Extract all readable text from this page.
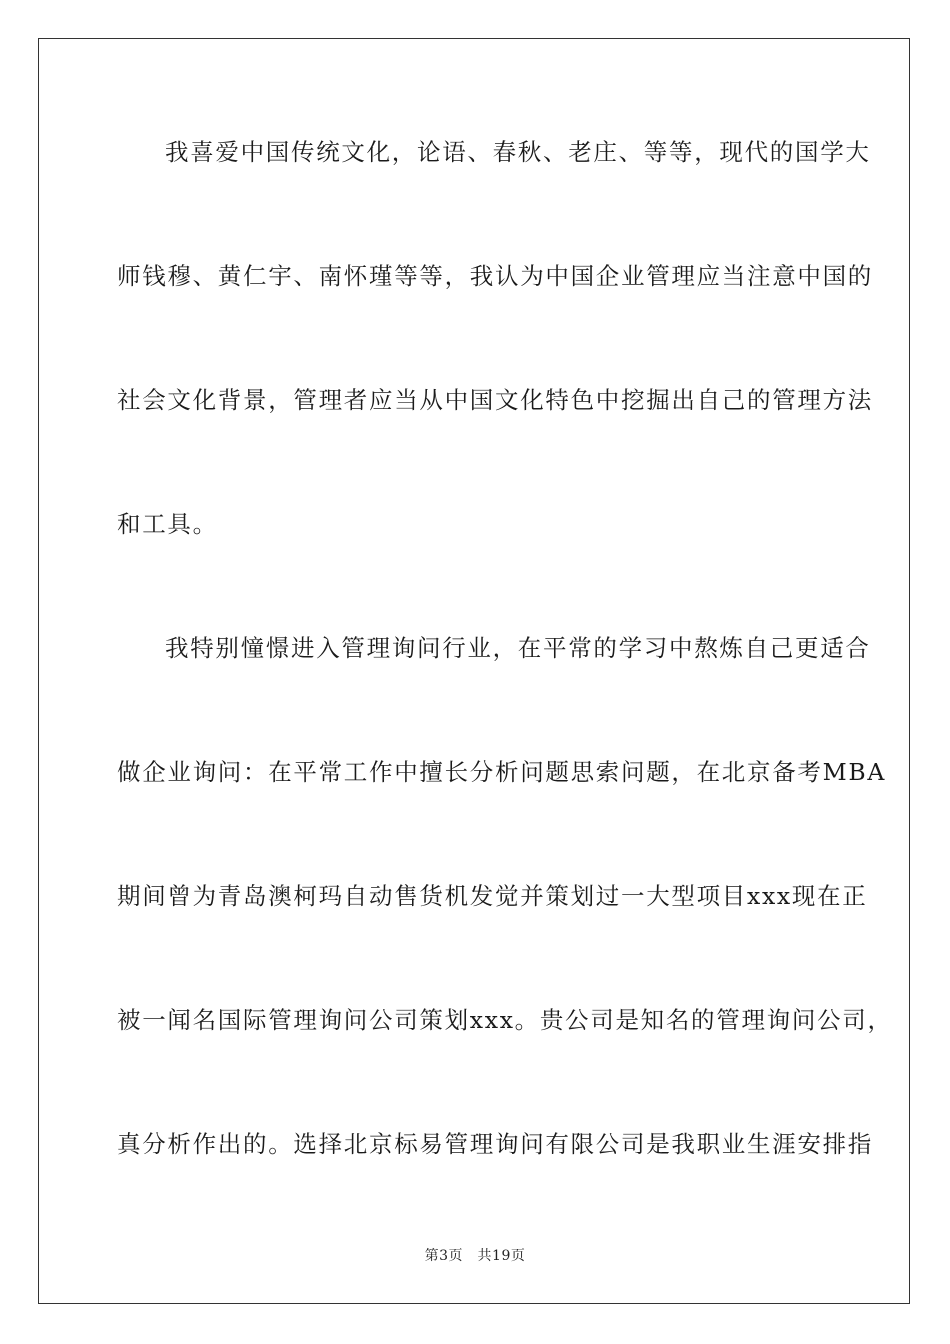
我喜爱中国传统文化，论语、春秋、老庄、等等，现代的国学大
师钱穆、黄仁宇、南怀瑾等等，我认为中国企业管理应当注意中国的
社会文化背景，管理者应当从中国文化特色中挖掘出自己的管理方法
和工具。
我特别憧憬进入管理询问行业，在平常的学习中熬炼自己更适合
做企业询问：在平常工作中擅长分析问题思索问题，在北京备考MBA
期间曾为青岛澳柯玛自动售货机发觉并策划过一大型项目xxx现在正
被一闻名国际管理询问公司策划xxx。贵公司是知名的管理询问公司，
真分析作出的。选择北京标易管理询问有限公司是我职业生涯安排指
第3页　共19页
